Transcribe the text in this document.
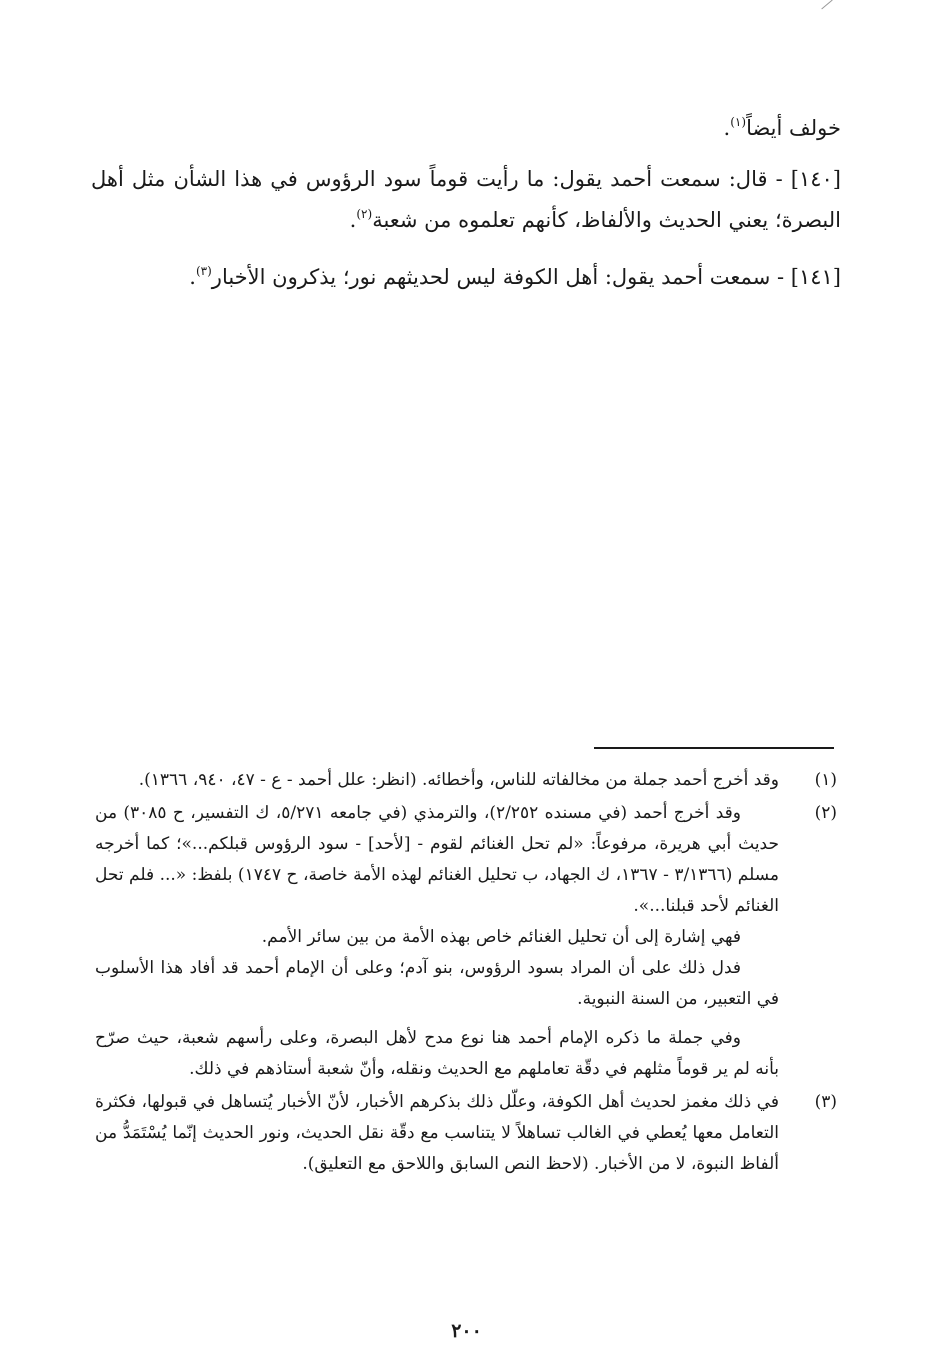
خولف أيضاً$^{(١)}$.

[١٤٠] - قال: سمعت أحمد يقول: ما رأيت قوماً سود الرؤوس في هذا الشأن مثل أهل البصرة؛ يعني الحديث والألفاظ، كأنهم تعلموه من شعبة$^{(٢)}$.

[١٤١] - سمعت أحمد يقول: أهل الكوفة ليس لحديثهم نور؛ يذكرون الأخبار$^{(٣)}$.

(١)

وقد أخرج أحمد جملة من مخالفاته للناس، وأخطائه. (انظر: علل أحمد - ع - ٤٧، ٩٤٠، ١٣٦٦).

(٢)

وقد أخرج أحمد (في مسنده ٢/٢٥٢)، والترمذي (في جامعه ٥/٢٧١، ك التفسير، ح ٣٠٨٥) من حديث أبي هريرة، مرفوعاً: «لم تحل الغنائم لقوم - [لأحد] - سود الرؤوس قبلكم...»؛ كما أخرجه مسلم (٣/١٣٦٦ - ١٣٦٧، ك الجهاد، ب تحليل الغنائم لهذه الأمة خاصة، ح ١٧٤٧) بلفظ: «... فلم تحل الغنائم لأحد قبلنا...».

فهي إشارة إلى أن تحليل الغنائم خاص بهذه الأمة من بين سائر الأمم.

فدل ذلك على أن المراد بسود الرؤوس، بنو آدم؛ وعلى أن الإمام أحمد قد أفاد هذا الأسلوب في التعبير، من السنة النبوية.

وفي جملة ما ذكره الإمام أحمد هنا نوع مدح لأهل البصرة، وعلى رأسهم شعبة، حيث صرّح بأنه لم ير قوماً مثلهم في دقّة تعاملهم مع الحديث ونقله، وأنّ شعبة أستاذهم في ذلك.

(٣)

في ذلك مغمز لحديث أهل الكوفة، وعلّل ذلك بذكرهم الأخبار، لأنّ الأخبار يُتساهل في قبولها، فكثرة التعامل معها يُعطي في الغالب تساهلاً لا يتناسب مع دقّة نقل الحديث، ونور الحديث إنّما يُسْتَمَدُّ من ألفاظ النبوة، لا من الأخبار. (لاحظ النص السابق واللاحق مع التعليق).

٢٠٠
